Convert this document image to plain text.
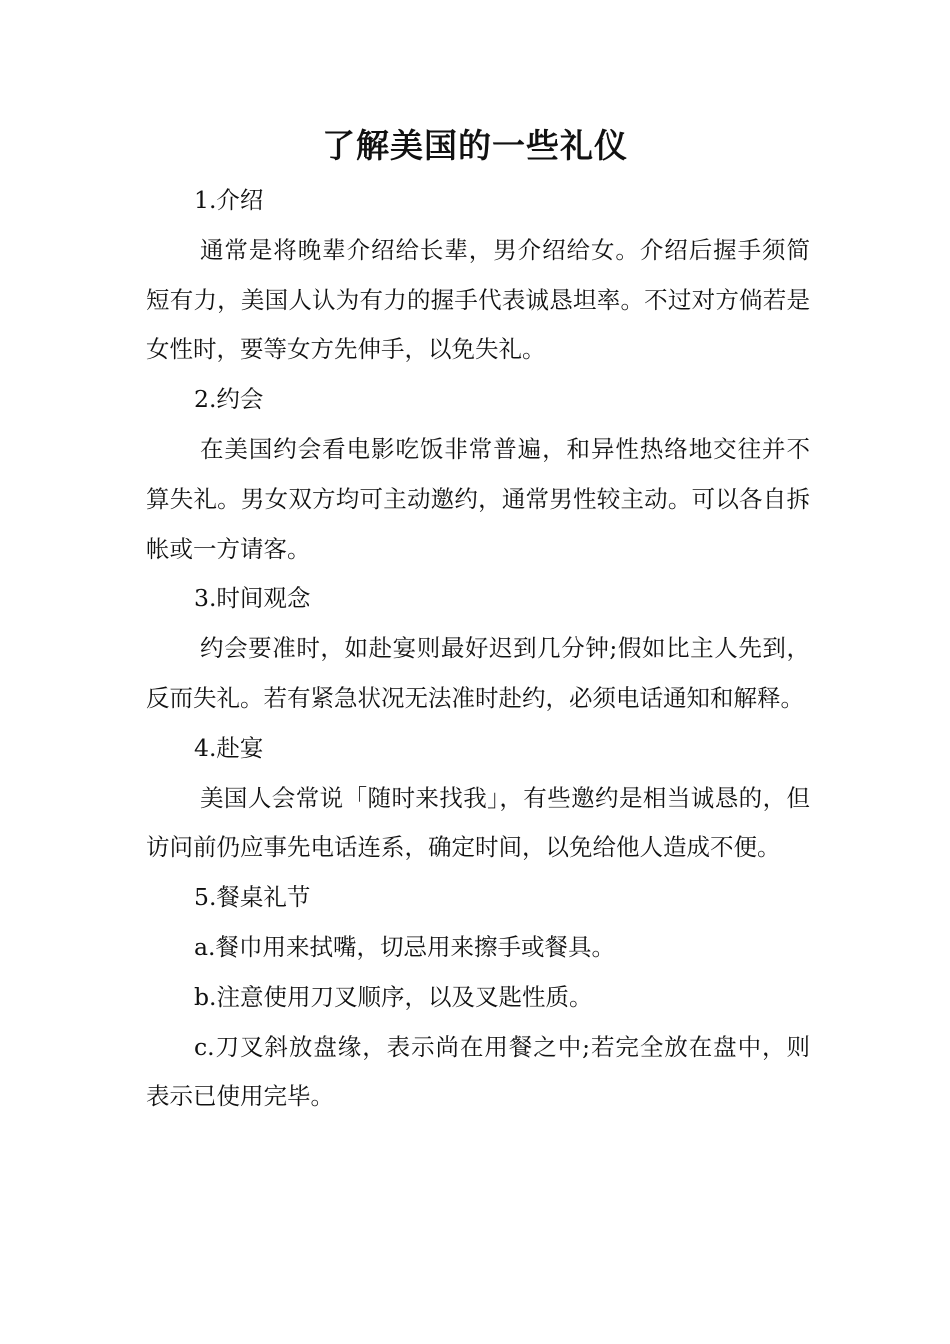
了解美国的一些礼仪

1.介绍

通常是将晚辈介绍给长辈，男介绍给女。介绍后握手须简短有力，美国人认为有力的握手代表诚恳坦率。不过对方倘若是女性时，要等女方先伸手，以免失礼。

2.约会

在美国约会看电影吃饭非常普遍，和异性热络地交往并不算失礼。男女双方均可主动邀约，通常男性较主动。可以各自拆帐或一方请客。

3.时间观念

约会要准时，如赴宴则最好迟到几分钟;假如比主人先到，反而失礼。若有紧急状况无法准时赴约，必须电话通知和解释。

4.赴宴

美国人会常说「随时来找我」，有些邀约是相当诚恳的，但访问前仍应事先电话连系，确定时间，以免给他人造成不便。

5.餐桌礼节

a.餐巾用来拭嘴，切忌用来擦手或餐具。

b.注意使用刀叉顺序，以及叉匙性质。

c.刀叉斜放盘缘，表示尚在用餐之中;若完全放在盘中，则表示已使用完毕。
